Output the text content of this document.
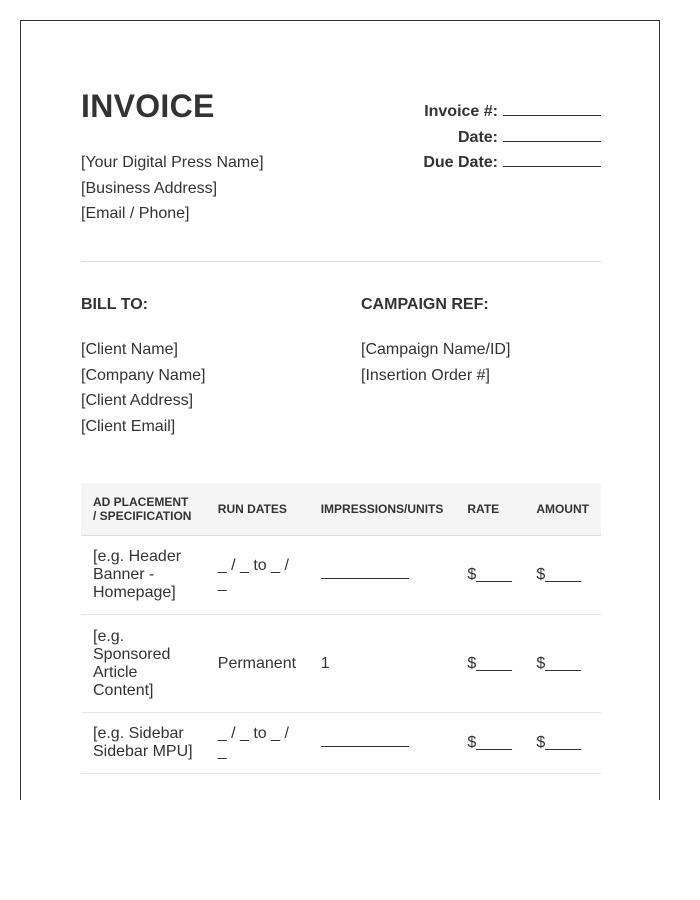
INVOICE
[Your Digital Press Name]
[Business Address]
[Email / Phone]
Invoice #:
Date:
Due Date:
BILL TO:	CAMPAIGN REF:
[Client Name]
[Company Name]
[Client Address]
[Client Email]
[Campaign Name/ID]
[Insertion Order #]
AD PLACEMENT / SPECIFICATION	RUN DATES	IMPRESSIONS/UNITS	RATE	AMOUNT
[e.g. Header Banner - Homepage]	_ / _ to _ / _		$____	$____
[e.g. Sponsored Article Content]	Permanent	1	$____	$____
[e.g. Sidebar Sidebar MPU]	_ / _ to _ / _		$____	$____
